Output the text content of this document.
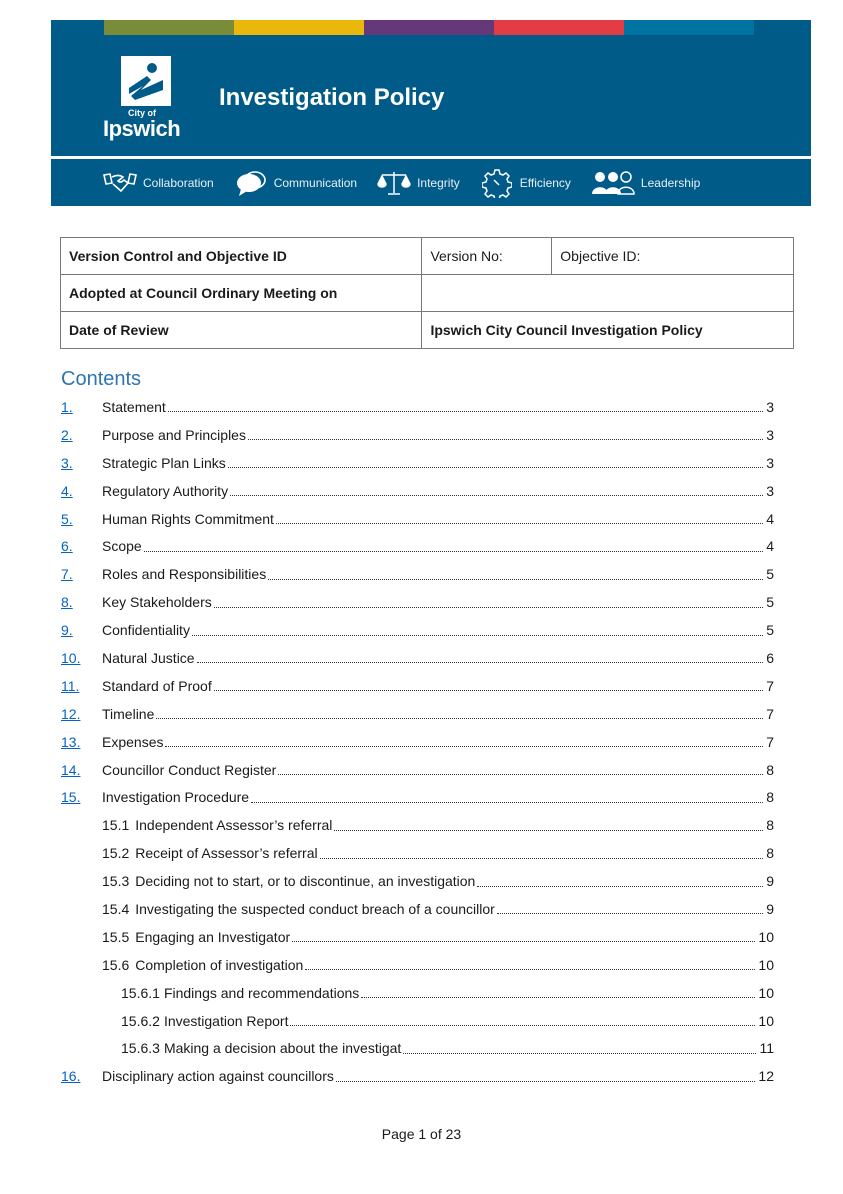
City of
Ipswich
Investigation Policy
Collaboration	Communication	Integrity	Efficiency	Leadership
Version Control and Objective ID	Version No:	Objective ID:
Adopted at Council Ordinary Meeting on		
Date of Review	Ipswich City Council Investigation Policy	
Contents
1.	Statement	3
2.	Purpose and Principles	3
3.	Strategic Plan Links	3
4.	Regulatory Authority	3
5.	Human Rights Commitment	4
6.	Scope	4
7.	Roles and Responsibilities	5
8.	Key Stakeholders	5
9.	Confidentiality	5
10.	Natural Justice	6
11.	Standard of Proof	7
12.	Timeline	7
13.	Expenses	7
14.	Councillor Conduct Register	8
15.	Investigation Procedure	8
15.1 Independent Assessor’s referral	8
15.2 Receipt of Assessor’s referral	8
15.3 Deciding not to start, or to discontinue, an investigation	9
15.4 Investigating the suspected conduct breach of a councillor	9
15.5 Engaging an Investigator	10
15.6 Completion of investigation	10
15.6.1 Findings and recommendations	10
15.6.2 Investigation Report	10
15.6.3 Making a decision about the investigat	11
16.	Disciplinary action against councillors	12
Page 1 of 23
